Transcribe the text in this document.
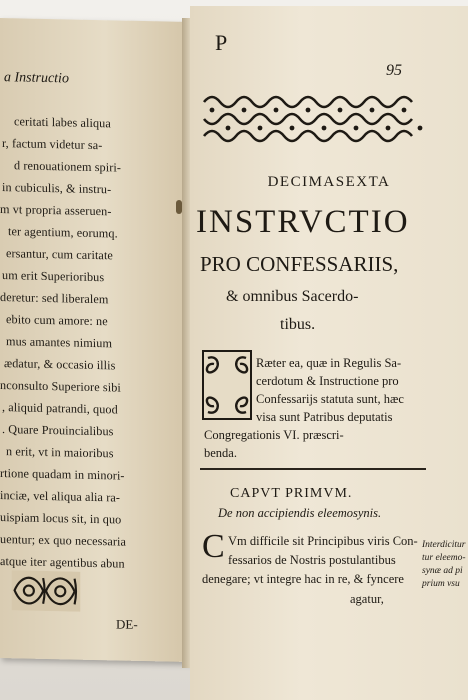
a Instructio
ceritati labes aliqua
r, factum videtur sa-
d renouationem spiri-
in cubiculis, & instru-
m vt propria asseruen-
ter agentium, eorumq.
ersantur, cum caritate
um erit Superioribus
deretur: sed liberalem
ebito cum amore: ne
mus amantes nimium
ædatur, & occasio illis
nconsulto Superiore sibi
, aliquid patrandi, quod
. Quare Prouincialibus
n erit, vt in maioribus
rtione quadam in minori-
inciæ, vel aliqua alia ra-
uispiam locus sit, in quo
uentur; ex quo necessaria
atque iter agentibus abun
DE-
95
DECIMASEXTA
INSTRVCTIO
PRO CONFESSARIIS,
& omnibus Sacerdo-
tibus.
P
Ræter ea, quæ in Regulis Sa-
cerdotum & Instructione pro
Confessarijs statuta sunt, hæc
visa sunt Patribus deputatis
Congregationis VI. præscri-
benda.
CAPVT PRIMVM.
De non accipiendis eleemosynis.
C Vm difficile sit Principibus viris Con-
fessarios de Nostris postulantibus
denegare; vt integre hac in re, & fyncere
agatur,
Interdicitur
tur eleemo-
synæ ad pi
prium vsu
